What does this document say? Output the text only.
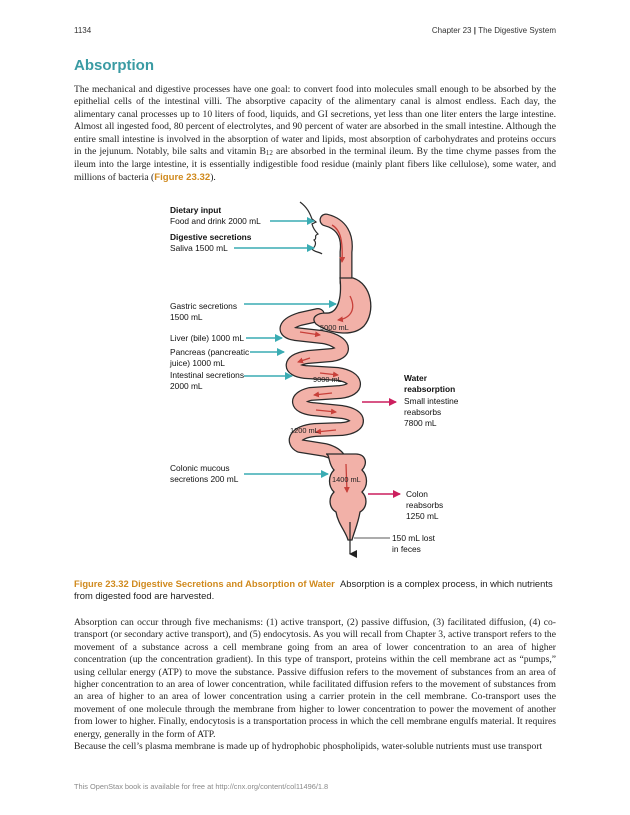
1134	Chapter 23 | The Digestive System
Absorption

The mechanical and digestive processes have one goal: to convert food into molecules small enough to be absorbed by the epithelial cells of the intestinal villi. The absorptive capacity of the alimentary canal is almost endless. Each day, the alimentary canal processes up to 10 liters of food, liquids, and GI secretions, yet less than one liter enters the large intestine. Almost all ingested food, 80 percent of electrolytes, and 90 percent of water are absorbed in the small intestine. Although the entire small intestine is involved in the absorption of water and lipids, most absorption of carbohydrates and proteins occurs in the jejunum. Notably, bile salts and vitamin B12 are absorbed in the terminal ileum. By the time chyme passes from the ileum into the large intestine, it is essentially indigestible food residue (mainly plant fibers like cellulose), some water, and millions of bacteria (Figure 23.32).

Dietary input
Food and drink 2000 mL
Digestive secretions
Saliva 1500 mL
Gastric secretions
1500 mL
Liver (bile) 1000 mL
Pancreas (pancreatic
juice) 1000 mL
Intestinal secretions
2000 mL
Colonic mucous
secretions 200 mL
5000 mL
9000 mL
1200 mL
1400 mL
Water
reabsorption
Small intestine
reabsorbs
7800 mL
Colon
reabsorbs
1250 mL
150 mL lost
in feces

Figure 23.32 Digestive Secretions and Absorption of Water Absorption is a complex process, in which nutrients from digested food are harvested.

Absorption can occur through five mechanisms: (1) active transport, (2) passive diffusion, (3) facilitated diffusion, (4) co-transport (or secondary active transport), and (5) endocytosis. As you will recall from Chapter 3, active transport refers to the movement of a substance across a cell membrane going from an area of lower concentration to an area of higher concentration (up the concentration gradient). In this type of transport, proteins within the cell membrane act as “pumps,” using cellular energy (ATP) to move the substance. Passive diffusion refers to the movement of substances from an area of higher concentration to an area of lower concentration, while facilitated diffusion refers to the movement of substances from an area of higher to an area of lower concentration using a carrier protein in the cell membrane. Co-transport uses the movement of one molecule through the membrane from higher to lower concentration to power the movement of another from lower to higher. Finally, endocytosis is a transportation process in which the cell membrane engulfs material. It requires energy, generally in the form of ATP.

Because the cell’s plasma membrane is made up of hydrophobic phospholipids, water-soluble nutrients must use transport

This OpenStax book is available for free at http://cnx.org/content/col11496/1.8
